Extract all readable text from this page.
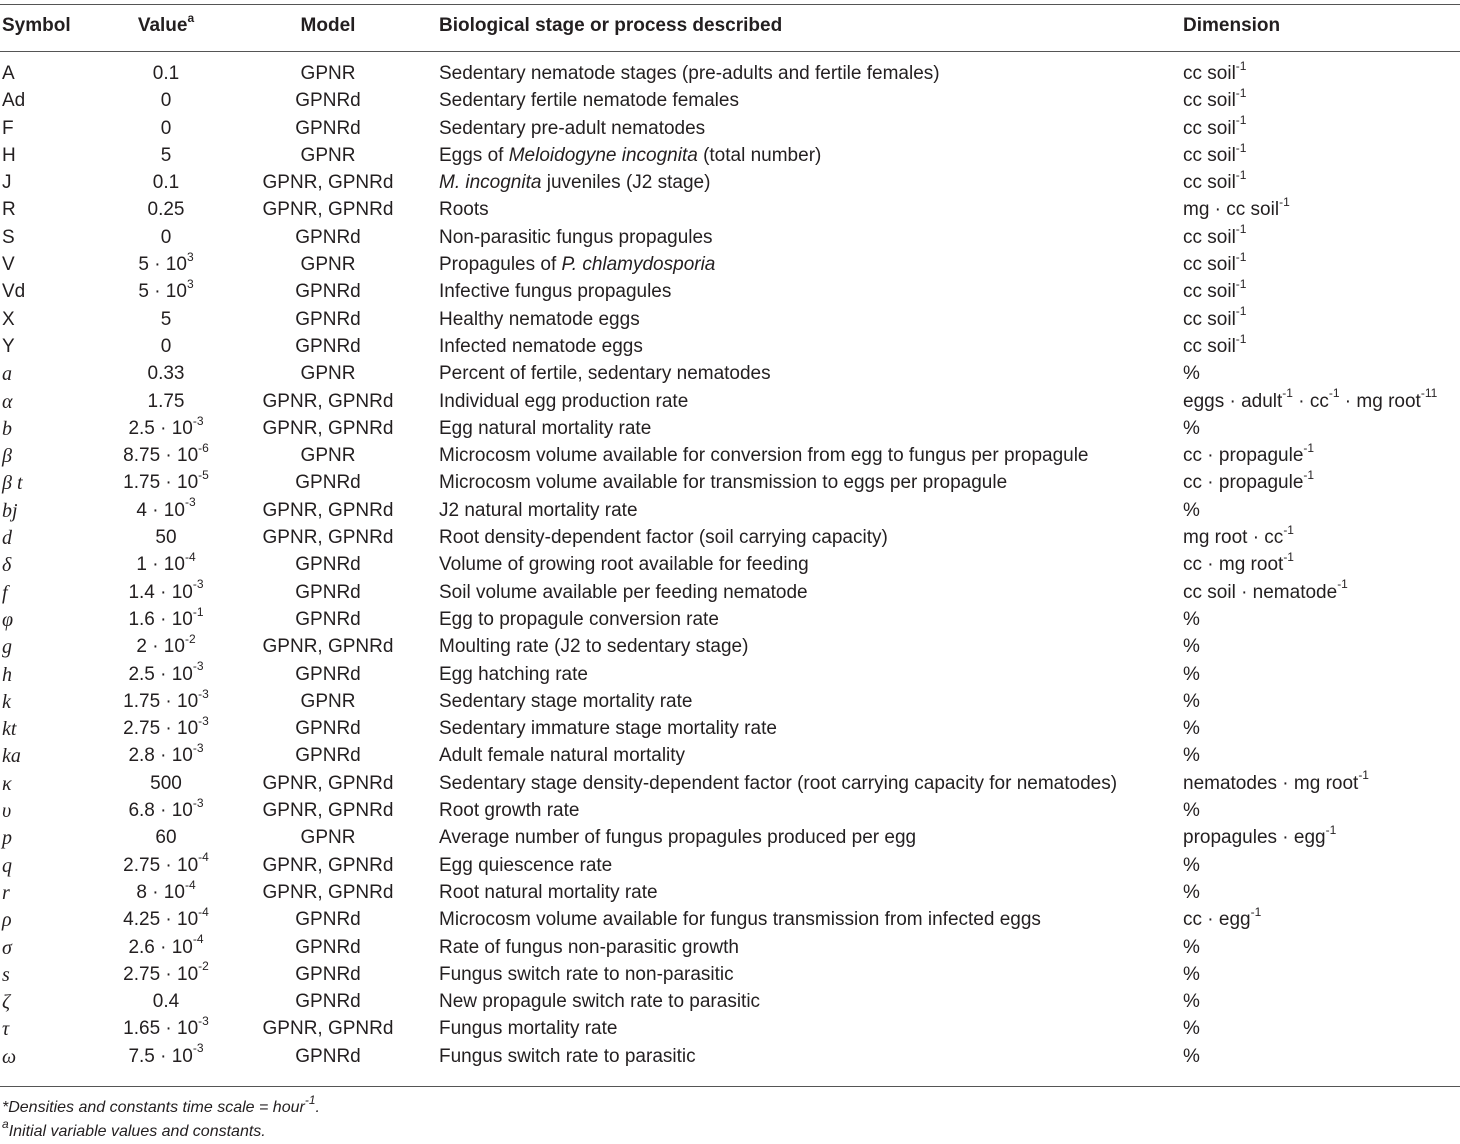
Symbol	Value$^a$	Model	Biological stage or process described	Dimension
A	0.1	GPNR	Sedentary nematode stages (pre-adults and fertile females)	cc soil$^{-1}$
Ad	0	GPNRd	Sedentary fertile nematode females	cc soil$^{-1}$
F	0	GPNRd	Sedentary pre-adult nematodes	cc soil$^{-1}$
H	5	GPNR	Eggs of Meloidogyne incognita (total number)	cc soil$^{-1}$
J	0.1	GPNR, GPNRd	M. incognita juveniles (J2 stage)	cc soil$^{-1}$
R	0.25	GPNR, GPNRd	Roots	mg · cc soil$^{-1}$
S	0	GPNRd	Non-parasitic fungus propagules	cc soil$^{-1}$
V	$5 \cdot 10^3$	GPNR	Propagules of P. chlamydosporia	cc soil$^{-1}$
Vd	$5 \cdot 10^3$	GPNRd	Infective fungus propagules	cc soil$^{-1}$
X	5	GPNRd	Healthy nematode eggs	cc soil$^{-1}$
Y	0	GPNRd	Infected nematode eggs	cc soil$^{-1}$
a	0.33	GPNR	Percent of fertile, sedentary nematodes	%
α	1.75	GPNR, GPNRd	Individual egg production rate	eggs · adult$^{-1}$ · $cc^{-1}$ · mg root$^{-11}$
b	$2.5 \cdot 10^{-3}$	GPNR, GPNRd	Egg natural mortality rate	%
β	$8.75 \cdot 10^{-6}$	GPNR	Microcosm volume available for conversion from egg to fungus per propagule	cc · propagule$^{-1}$
β t	$1.75 \cdot 10^{-5}$	GPNRd	Microcosm volume available for transmission to eggs per propagule	cc · propagule$^{-1}$
bj	$4 \cdot 10^{-3}$	GPNR, GPNRd	J2 natural mortality rate	%
d	50	GPNR, GPNRd	Root density-dependent factor (soil carrying capacity)	mg root · $cc^{-1}$
δ	$1 \cdot 10^{-4}$	GPNRd	Volume of growing root available for feeding	cc · mg root$^{-1}$
f	$1.4 \cdot 10^{-3}$	GPNRd	Soil volume available per feeding nematode	cc soil · nematode$^{-1}$
φ	$1.6 \cdot 10^{-1}$	GPNRd	Egg to propagule conversion rate	%
g	$2 \cdot 10^{-2}$	GPNR, GPNRd	Moulting rate (J2 to sedentary stage)	%
h	$2.5 \cdot 10^{-3}$	GPNRd	Egg hatching rate	%
k	$1.75 \cdot 10^{-3}$	GPNR	Sedentary stage mortality rate	%
kt	$2.75 \cdot 10^{-3}$	GPNRd	Sedentary immature stage mortality rate	%
ka	$2.8 \cdot 10^{-3}$	GPNRd	Adult female natural mortality	%
κ	500	GPNR, GPNRd	Sedentary stage density-dependent factor (root carrying capacity for nematodes)	nematodes · mg root$^{-1}$
υ	$6.8 \cdot 10^{-3}$	GPNR, GPNRd	Root growth rate	%
p	60	GPNR	Average number of fungus propagules produced per egg	propagules · egg$^{-1}$
q	$2.75 \cdot 10^{-4}$	GPNR, GPNRd	Egg quiescence rate	%
r	$8 \cdot 10^{-4}$	GPNR, GPNRd	Root natural mortality rate	%
ρ	$4.25 \cdot 10^{-4}$	GPNRd	Microcosm volume available for fungus transmission from infected eggs	cc · egg$^{-1}$
σ	$2.6 \cdot 10^{-4}$	GPNRd	Rate of fungus non-parasitic growth	%
s	$2.75 \cdot 10^{-2}$	GPNRd	Fungus switch rate to non-parasitic	%
ζ	0.4	GPNRd	New propagule switch rate to parasitic	%
τ	$1.65 \cdot 10^{-3}$	GPNR, GPNRd	Fungus mortality rate	%
ω	$7.5 \cdot 10^{-3}$	GPNRd	Fungus switch rate to parasitic	%
*Densities and constants time scale = hour$^{-1}$.
$^a$Initial variable values and constants.
